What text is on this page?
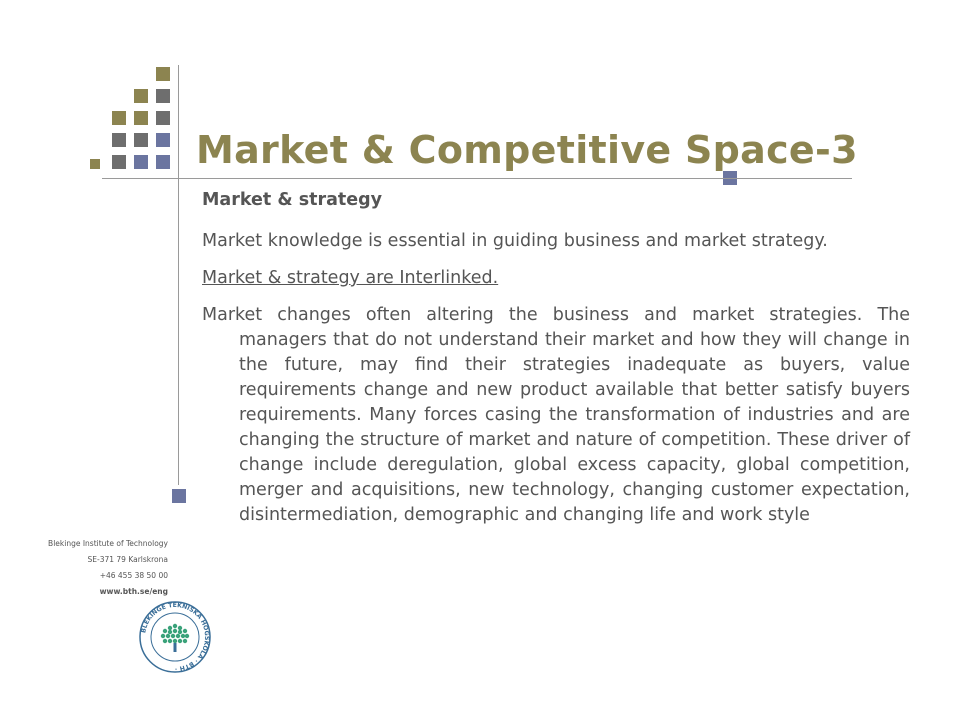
Market & Competitive Space-3

Market & strategy

Market knowledge is essential in guiding business and market strategy.

Market & strategy are Interlinked.

Market changes often altering the business and market strategies. The managers that do not understand their market and how they will change in the future, may find their strategies inadequate as buyers, value requirements change and new product available that better satisfy buyers requirements. Many forces casing the transformation of industries and are changing the structure of market and nature of competition. These driver of change include deregulation, global excess capacity, global competition, merger and acquisitions, new technology, changing customer expectation, disintermediation, demographic and changing life and work style

Blekinge Institute of Technology
SE-371 79 Karlskrona
+46 455 38 50 00
www.bth.se/eng
BLEKINGE TEKNISKA HÖGSKOLA · BTH ·
